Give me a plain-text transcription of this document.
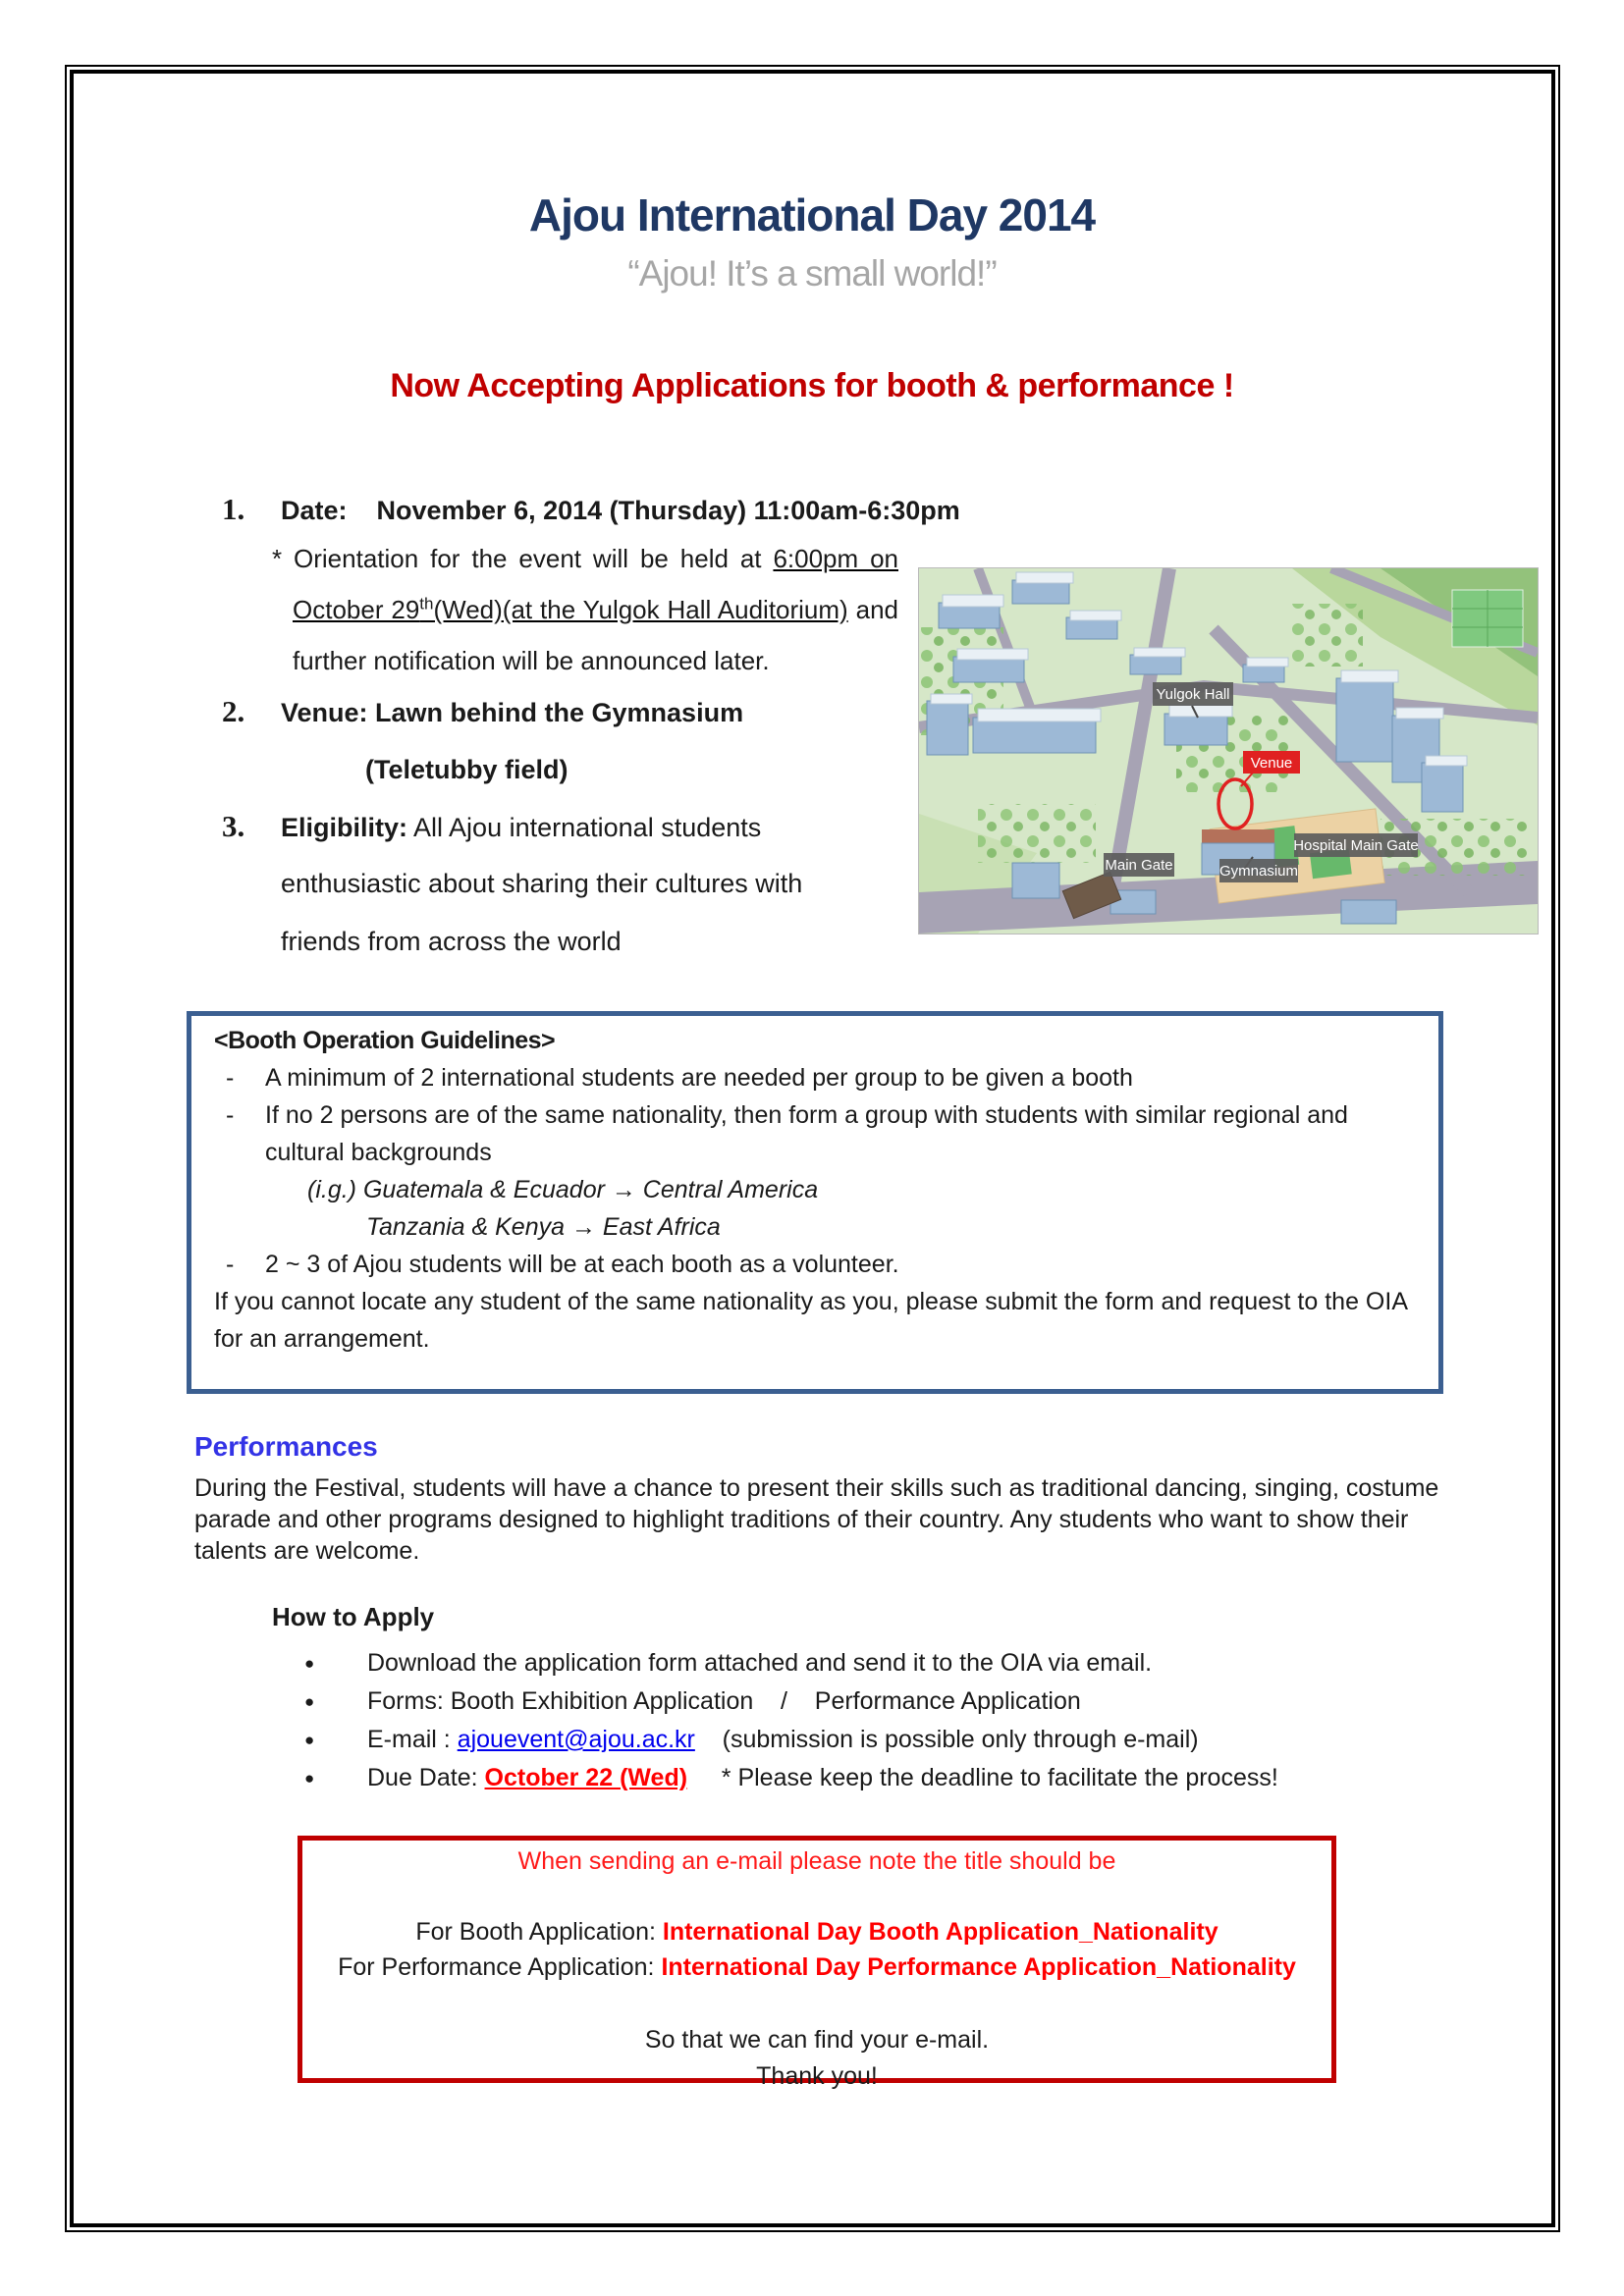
Ajou International Day 2014
“Ajou! It’s a small world!”
Now Accepting Applications for booth & performance !
1. Date:    November 6, 2014 (Thursday) 11:00am-6:30pm
* Orientation for the event will be held at 6:00pm on
October 29th(Wed)(at the Yulgok Hall Auditorium) and
further notification will be announced later.
2. Venue: Lawn behind the Gymnasium
(Teletubby field)
3. Eligibility: All Ajou international students
enthusiastic about sharing their cultures with
friends from across the world
Venue
Yulgok Hall
Main Gate	Gymnasium
Hospital Main Gate
<Booth Operation Guidelines>
-	A minimum of 2 international students are needed per group to be given a booth
-	If no 2 persons are of the same nationality, then form a group with students with similar regional and
cultural backgrounds
(i.g.) Guatemala & Ecuador → Central America
Tanzania & Kenya → East Africa
-	2 ~ 3 of Ajou students will be at each booth as a volunteer.
If you cannot locate any student of the same nationality as you, please submit the form and request to the OIA
for an arrangement.
Performances
During the Festival, students will have a chance to present their skills such as traditional dancing, singing, costume parade and other programs designed to highlight traditions of their country. Any students who want to show their talents are welcome.
How to Apply
●	Download the application form attached and send it to the OIA via email.
●	Forms: Booth Exhibition Application    /    Performance Application
●	E-mail : ajouevent@ajou.ac.kr    (submission is possible only through e-mail)
●	Due Date: October 22 (Wed)     * Please keep the deadline to facilitate the process!
When sending an e-mail please note the title should be
For Booth Application: International Day Booth Application_Nationality
For Performance Application: International Day Performance Application_Nationality
So that we can find your e-mail.
Thank you!
